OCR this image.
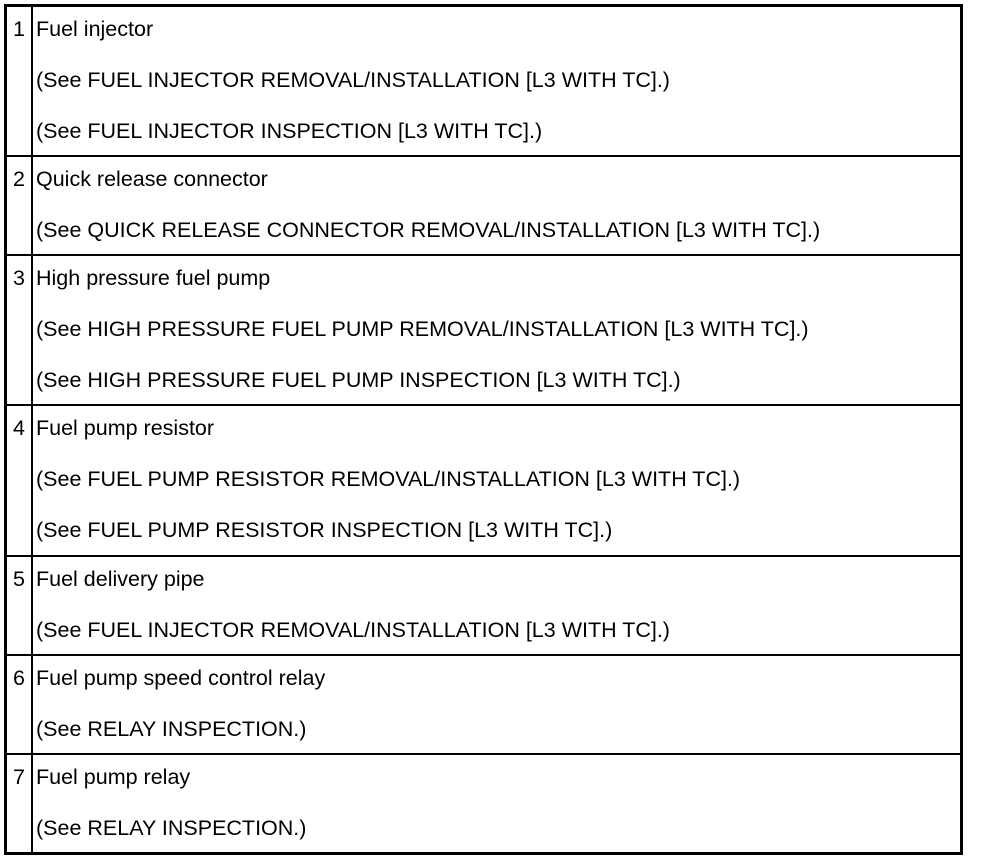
1	Fuel injector
(See FUEL INJECTOR REMOVAL/INSTALLATION [L3 WITH TC].)
(See FUEL INJECTOR INSPECTION [L3 WITH TC].)

2	Quick release connector
(See QUICK RELEASE CONNECTOR REMOVAL/INSTALLATION [L3 WITH TC].)

3	High pressure fuel pump
(See HIGH PRESSURE FUEL PUMP REMOVAL/INSTALLATION [L3 WITH TC].)
(See HIGH PRESSURE FUEL PUMP INSPECTION [L3 WITH TC].)

4	Fuel pump resistor
(See FUEL PUMP RESISTOR REMOVAL/INSTALLATION [L3 WITH TC].)
(See FUEL PUMP RESISTOR INSPECTION [L3 WITH TC].)

5	Fuel delivery pipe
(See FUEL INJECTOR REMOVAL/INSTALLATION [L3 WITH TC].)

6	Fuel pump speed control relay
(See RELAY INSPECTION.)

7	Fuel pump relay
(See RELAY INSPECTION.)
